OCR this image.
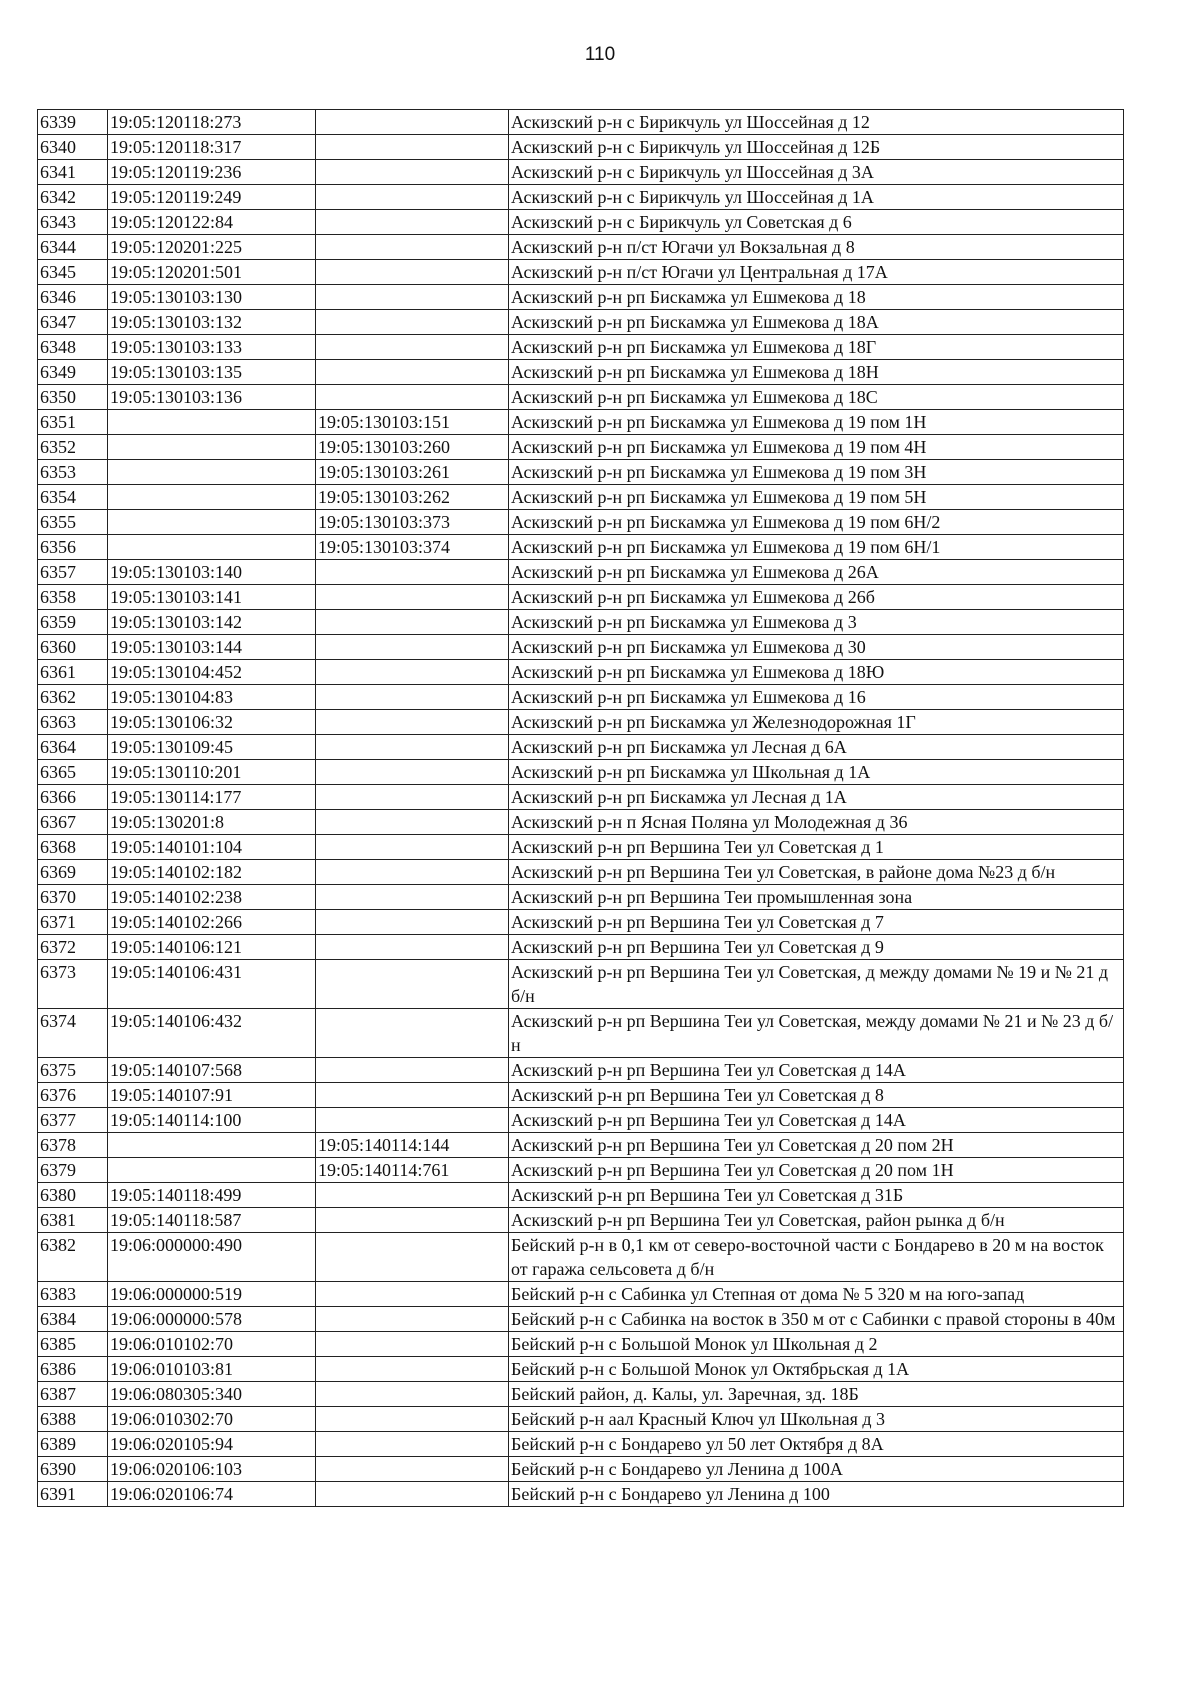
110
6339	19:05:120118:273		Аскизский р-н с Бирикчуль ул Шоссейная д 12
6340	19:05:120118:317		Аскизский р-н с Бирикчуль ул Шоссейная д 12Б
6341	19:05:120119:236		Аскизский р-н с Бирикчуль ул Шоссейная д 3А
6342	19:05:120119:249		Аскизский р-н с Бирикчуль ул Шоссейная д 1А
6343	19:05:120122:84		Аскизский р-н с Бирикчуль ул Советская д 6
6344	19:05:120201:225		Аскизский р-н п/ст Югачи ул Вокзальная д 8
6345	19:05:120201:501		Аскизский р-н п/ст Югачи ул Центральная д 17А
6346	19:05:130103:130		Аскизский р-н рп Бискамжа ул Ешмекова д 18
6347	19:05:130103:132		Аскизский р-н рп Бискамжа ул Ешмекова д 18А
6348	19:05:130103:133		Аскизский р-н рп Бискамжа ул Ешмекова д 18Г
6349	19:05:130103:135		Аскизский р-н рп Бискамжа ул Ешмекова д 18Н
6350	19:05:130103:136		Аскизский р-н рп Бискамжа ул Ешмекова д 18С
6351		19:05:130103:151	Аскизский р-н рп Бискамжа ул Ешмекова д 19 пом 1Н
6352		19:05:130103:260	Аскизский р-н рп Бискамжа ул Ешмекова д 19 пом 4Н
6353		19:05:130103:261	Аскизский р-н рп Бискамжа ул Ешмекова д 19 пом 3Н
6354		19:05:130103:262	Аскизский р-н рп Бискамжа ул Ешмекова д 19 пом 5Н
6355		19:05:130103:373	Аскизский р-н рп Бискамжа ул Ешмекова д 19 пом 6Н/2
6356		19:05:130103:374	Аскизский р-н рп Бискамжа ул Ешмекова д 19 пом 6Н/1
6357	19:05:130103:140		Аскизский р-н рп Бискамжа ул Ешмекова д 26А
6358	19:05:130103:141		Аскизский р-н рп Бискамжа ул Ешмекова д 26б
6359	19:05:130103:142		Аскизский р-н рп Бискамжа ул Ешмекова д 3
6360	19:05:130103:144		Аскизский р-н рп Бискамжа ул Ешмекова д 30
6361	19:05:130104:452		Аскизский р-н рп Бискамжа ул Ешмекова д 18Ю
6362	19:05:130104:83		Аскизский р-н рп Бискамжа ул Ешмекова д 16
6363	19:05:130106:32		Аскизский р-н рп Бискамжа ул Железнодорожная 1Г
6364	19:05:130109:45		Аскизский р-н рп Бискамжа ул Лесная д 6А
6365	19:05:130110:201		Аскизский р-н рп Бискамжа ул Школьная д 1А
6366	19:05:130114:177		Аскизский р-н рп Бискамжа ул Лесная д 1А
6367	19:05:130201:8		Аскизский р-н п Ясная Поляна ул Молодежная д 36
6368	19:05:140101:104		Аскизский р-н рп Вершина Теи ул Советская д 1
6369	19:05:140102:182		Аскизский р-н рп Вершина Теи ул Советская, в районе дома №23 д б/н
6370	19:05:140102:238		Аскизский р-н рп Вершина Теи промышленная зона
6371	19:05:140102:266		Аскизский р-н рп Вершина Теи ул Советская д 7
6372	19:05:140106:121		Аскизский р-н рп Вершина Теи ул Советская д 9
6373	19:05:140106:431		Аскизский р-н рп Вершина Теи ул Советская, д между домами № 19 и № 21 д б/н
6374	19:05:140106:432		Аскизский р-н рп Вершина Теи ул Советская, между домами № 21 и № 23 д б/н
6375	19:05:140107:568		Аскизский р-н рп Вершина Теи ул Советская д 14А
6376	19:05:140107:91		Аскизский р-н рп Вершина Теи ул Советская д 8
6377	19:05:140114:100		Аскизский р-н рп Вершина Теи ул Советская д 14А
6378		19:05:140114:144	Аскизский р-н рп Вершина Теи ул Советская д 20 пом 2Н
6379		19:05:140114:761	Аскизский р-н рп Вершина Теи ул Советская д 20 пом 1Н
6380	19:05:140118:499		Аскизский р-н рп Вершина Теи ул Советская д 31Б
6381	19:05:140118:587		Аскизский р-н рп Вершина Теи ул Советская, район рынка д б/н
6382	19:06:000000:490		Бейский р-н в 0,1 км от северо-восточной части с Бондарево в 20 м на восток от гаража сельсовета д б/н
6383	19:06:000000:519		Бейский р-н с Сабинка ул Степная от дома № 5 320 м на юго-запад
6384	19:06:000000:578		Бейский р-н с Сабинка на восток в 350 м от с Сабинки с правой стороны в 40м
6385	19:06:010102:70		Бейский р-н с Большой Монок ул Школьная д 2
6386	19:06:010103:81		Бейский р-н с Большой Монок ул Октябрьская д 1А
6387	19:06:080305:340		Бейский район, д. Калы, ул. Заречная, зд. 18Б
6388	19:06:010302:70		Бейский р-н аал Красный Ключ ул Школьная д 3
6389	19:06:020105:94		Бейский р-н с Бондарево ул 50 лет Октября д 8А
6390	19:06:020106:103		Бейский р-н с Бондарево ул Ленина д 100А
6391	19:06:020106:74		Бейский р-н с Бондарево ул Ленина д 100
